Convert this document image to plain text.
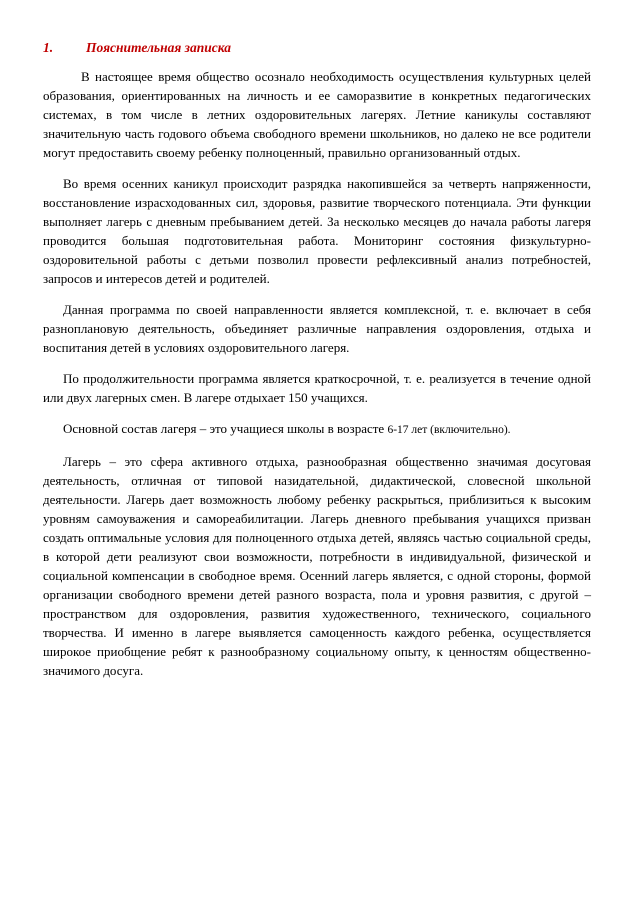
1.	Пояснительная записка

В настоящее время общество осознало необходимость осуществления культурных целей образования, ориентированных на личность и ее саморазвитие в конкретных педагогических системах, в том числе в летних оздоровительных лагерях. Летние каникулы составляют значительную часть годового объема свободного времени школьников, но далеко не все родители могут предоставить своему ребенку полноценный, правильно организованный отдых.

Во время осенних каникул происходит разрядка накопившейся за четверть напряженности, восстановление израсходованных сил, здоровья, развитие творческого потенциала. Эти функции выполняет лагерь с дневным пребыванием детей. За несколько месяцев до начала работы лагеря проводится большая подготовительная работа. Мониторинг состояния физкультурно-оздоровительной работы с детьми позволил провести рефлексивный анализ потребностей, запросов и интересов детей и родителей.

Данная программа по своей направленности является комплексной, т. е. включает в себя разноплановую деятельность, объединяет различные направления оздоровления, отдыха и воспитания детей в условиях оздоровительного лагеря.

По продолжительности программа является краткосрочной, т. е. реализуется в течение одной или двух лагерных смен. В лагере отдыхает 150 учащихся.

Основной состав лагеря – это учащиеся школы в возрасте 6-17 лет (включительно).

Лагерь – это сфера активного отдыха, разнообразная общественно значимая досуговая деятельность, отличная от типовой назидательной, дидактической, словесной школьной деятельности. Лагерь дает возможность любому ребенку раскрыться, приблизиться к высоким уровням самоуважения и самореабилитации. Лагерь дневного пребывания учащихся призван создать оптимальные условия для полноценного отдыха детей, являясь частью социальной среды, в которой дети реализуют свои возможности, потребности в индивидуальной, физической и социальной компенсации в свободное время. Осенний лагерь является, с одной стороны, формой организации свободного времени детей разного возраста, пола и уровня развития, с другой – пространством для оздоровления, развития художественного, технического, социального творчества. И именно в лагере выявляется самоценность каждого ребенка, осуществляется широкое приобщение ребят к разнообразному социальному опыту, к ценностям общественно-значимого досуга.
